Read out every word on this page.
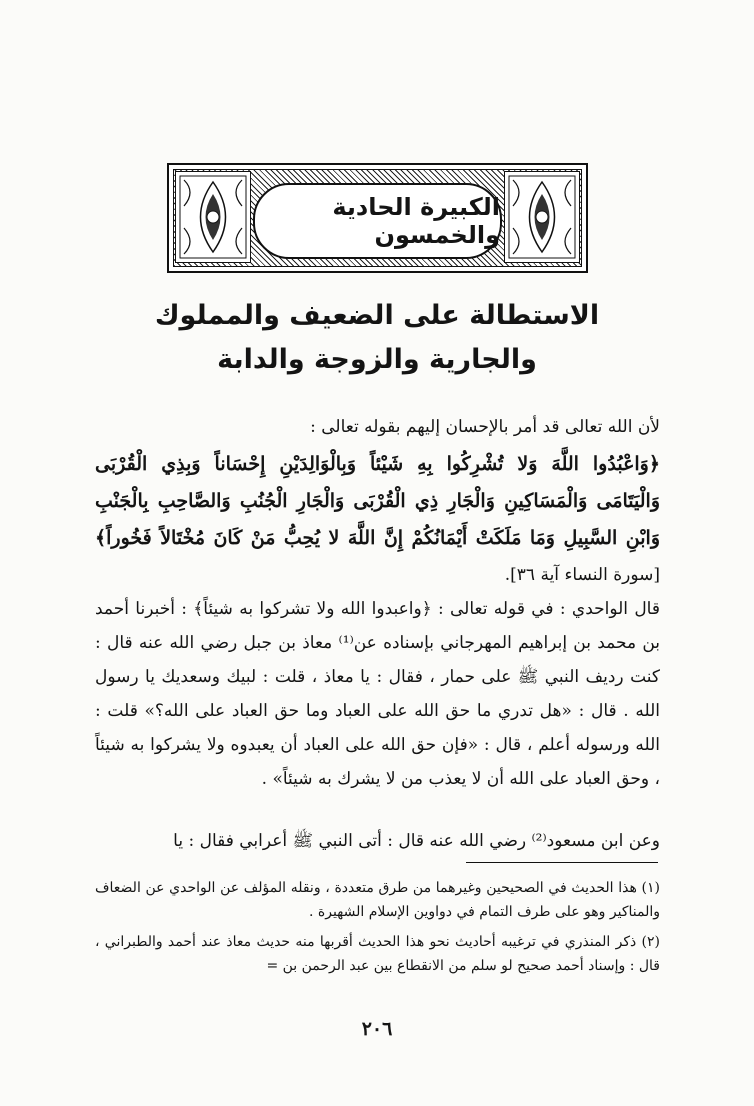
الكبيرة الحادية والخمسون
الاستطالة على الضعيف والمملوك
والجارية والزوجة والدابة

لأن الله تعالى قد أمر بالإحسان إليهم بقوله تعالى :

﴿وَاعْبُدُوا اللَّهَ وَلا تُشْرِكُوا بِهِ شَيْئاً وَبِالْوَالِدَيْنِ إِحْسَاناً وَبِذِي الْقُرْبَى وَالْيَتَامَى وَالْمَسَاكِينِ وَالْجَارِ ذِي الْقُرْبَى وَالْجَارِ الْجُنُبِ وَالصَّاحِبِ بِالْجَنْبِ وَابْنِ السَّبِيلِ وَمَا مَلَكَتْ أَيْمَانُكُمْ إِنَّ اللَّهَ لا يُحِبُّ مَنْ كَانَ مُخْتَالاً فَخُوراً﴾ [سورة النساء آية ٣٦].

قال الواحدي : في قوله تعالى : ﴿واعبدوا الله ولا تشركوا به شيئاً﴾ : أخبرنا أحمد بن محمد بن إبراهيم المهرجاني بإسناده عن⁽¹⁾ معاذ بن جبل رضي الله عنه قال : كنت رديف النبي ﷺ على حمار ، فقال : يا معاذ ، قلت : لبيك وسعديك يا رسول الله . قال : «هل تدري ما حق الله على العباد وما حق العباد على الله؟» قلت : الله ورسوله أعلم ، قال : «فإن حق الله على العباد أن يعبدوه ولا يشركوا به شيئاً ، وحق العباد على الله أن لا يعذب من لا يشرك به شيئاً» .

وعن ابن مسعود⁽²⁾ رضي الله عنه قال : أتى النبي ﷺ أعرابي فقال : يا

(١) هذا الحديث في الصحيحين وغيرهما من طرق متعددة ، ونقله المؤلف عن الواحدي عن الضعاف والمناكير وهو على طرف التمام في دواوين الإسلام الشهيرة .

(٢) ذكر المنذري في ترغيبه أحاديث نحو هذا الحديث أقربها منه حديث معاذ عند أحمد والطبراني ، قال : وإسناد أحمد صحيح لو سلم من الانقطاع بين عبد الرحمن بن =

٢٠٦
